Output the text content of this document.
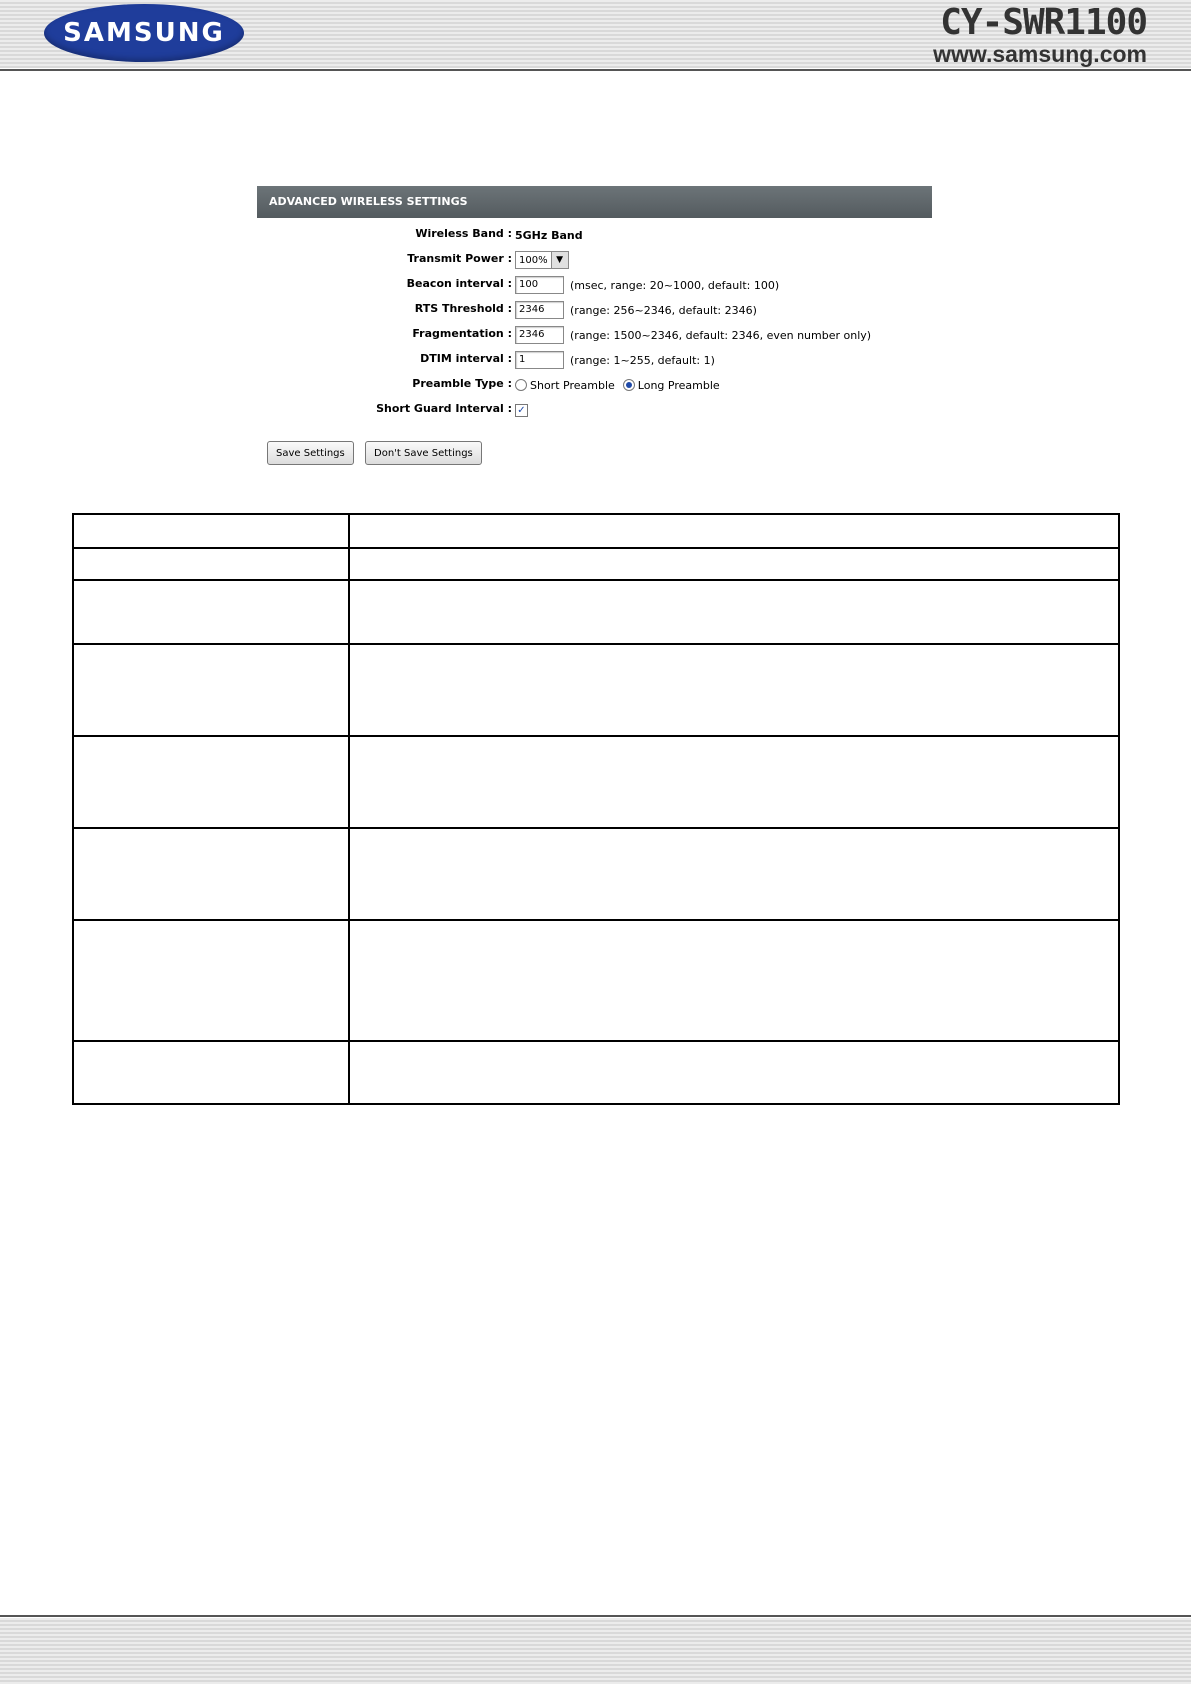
SAMSUNG	CY-SWR1100
www.samsung.com
ADVANCED WIRELESS SETTINGS
Wireless Band : 5GHz Band
Transmit Power : 100% ▼
Beacon interval : 100	(msec, range: 20~1000, default: 100)
RTS Threshold : 2346	(range: 256~2346, default: 2346)
Fragmentation : 2346	(range: 1500~2346, default: 2346, even number only)
DTIM interval : 1	(range: 1~255, default: 1)
Preamble Type : Short Preamble Long Preamble
Short Guard Interval : ✓
Save Settings	Don't Save Settings
